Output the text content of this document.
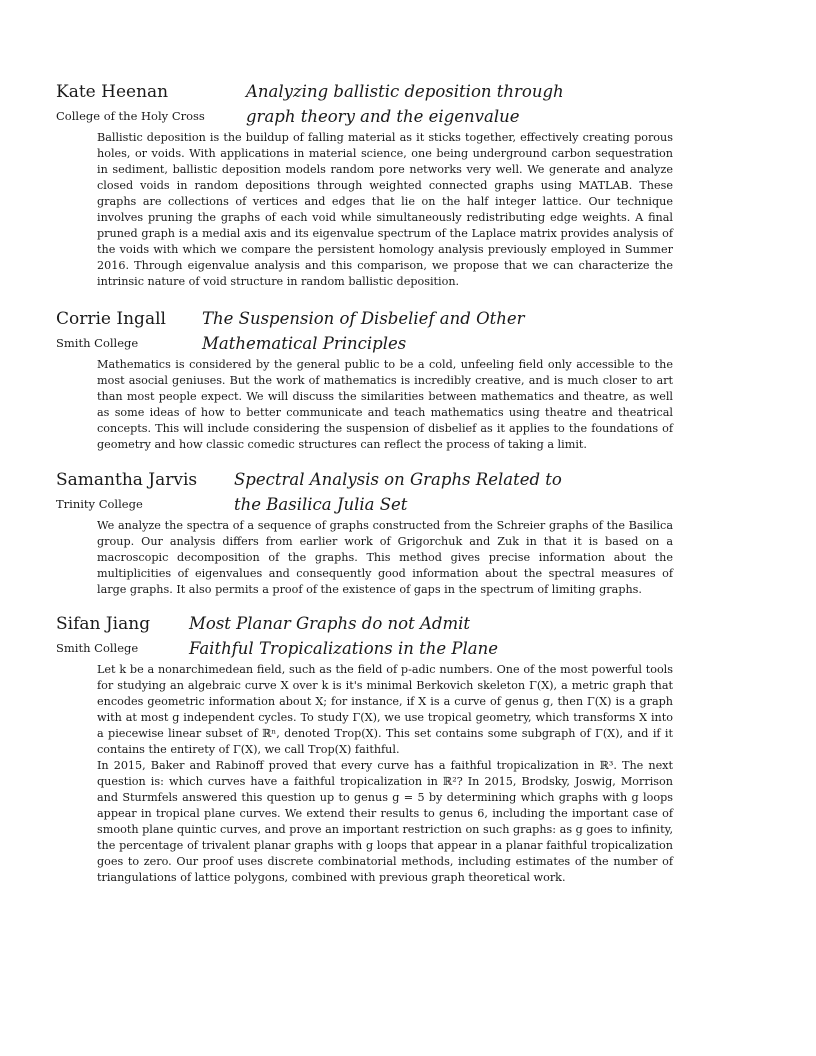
Kate Heenan
College of the Holy Cross
Analyzing ballistic deposition through
graph theory and the eigenvalue

Ballistic deposition is the buildup of falling material as it sticks together, effectively creating porous holes, or voids. With applications in material science, one being underground carbon sequestration in sediment, ballistic deposition models random pore networks very well. We generate and analyze closed voids in random depositions through weighted connected graphs using MATLAB. These graphs are collections of vertices and edges that lie on the half integer lattice. Our technique involves pruning the graphs of each void while simultaneously redistributing edge weights. A final pruned graph is a medial axis and its eigenvalue spectrum of the Laplace matrix provides analysis of the voids with which we compare the persistent homology analysis previously employed in Summer 2016. Through eigenvalue analysis and this comparison, we propose that we can characterize the intrinsic nature of void structure in random ballistic deposition.

Corrie Ingall
Smith College
The Suspension of Disbelief and Other
Mathematical Principles

Mathematics is considered by the general public to be a cold, unfeeling field only accessible to the most asocial geniuses. But the work of mathematics is incredibly creative, and is much closer to art than most people expect. We will discuss the similarities between mathematics and theatre, as well as some ideas of how to better communicate and teach mathematics using theatre and theatrical concepts. This will include considering the suspension of disbelief as it applies to the foundations of geometry and how classic comedic structures can reflect the process of taking a limit.

Samantha Jarvis
Trinity College
Spectral Analysis on Graphs Related to
the Basilica Julia Set

We analyze the spectra of a sequence of graphs constructed from the Schreier graphs of the Basilica group. Our analysis differs from earlier work of Grigorchuk and Zuk in that it is based on a macroscopic decomposition of the graphs. This method gives precise information about the multiplicities of eigenvalues and consequently good information about the spectral measures of large graphs. It also permits a proof of the existence of gaps in the spectrum of limiting graphs.

Sifan Jiang
Smith College
Most Planar Graphs do not Admit
Faithful Tropicalizations in the Plane

Let k be a nonarchimedean field, such as the field of p-adic numbers. One of the most powerful tools for studying an algebraic curve X over k is it's minimal Berkovich skeleton Γ(X), a metric graph that encodes geometric information about X; for instance, if X is a curve of genus g, then Γ(X) is a graph with at most g independent cycles. To study Γ(X), we use tropical geometry, which transforms X into a piecewise linear subset of ℝⁿ, denoted Trop(X). This set contains some subgraph of Γ(X), and if it contains the entirety of Γ(X), we call Trop(X) faithful.

In 2015, Baker and Rabinoff proved that every curve has a faithful tropicalization in ℝ³. The next question is: which curves have a faithful tropicalization in ℝ²? In 2015, Brodsky, Joswig, Morrison and Sturmfels answered this question up to genus g = 5 by determining which graphs with g loops appear in tropical plane curves. We extend their results to genus 6, including the important case of smooth plane quintic curves, and prove an important restriction on such graphs: as g goes to infinity, the percentage of trivalent planar graphs with g loops that appear in a planar faithful tropicalization goes to zero. Our proof uses discrete combinatorial methods, including estimates of the number of triangulations of lattice polygons, combined with previous graph theoretical work.
